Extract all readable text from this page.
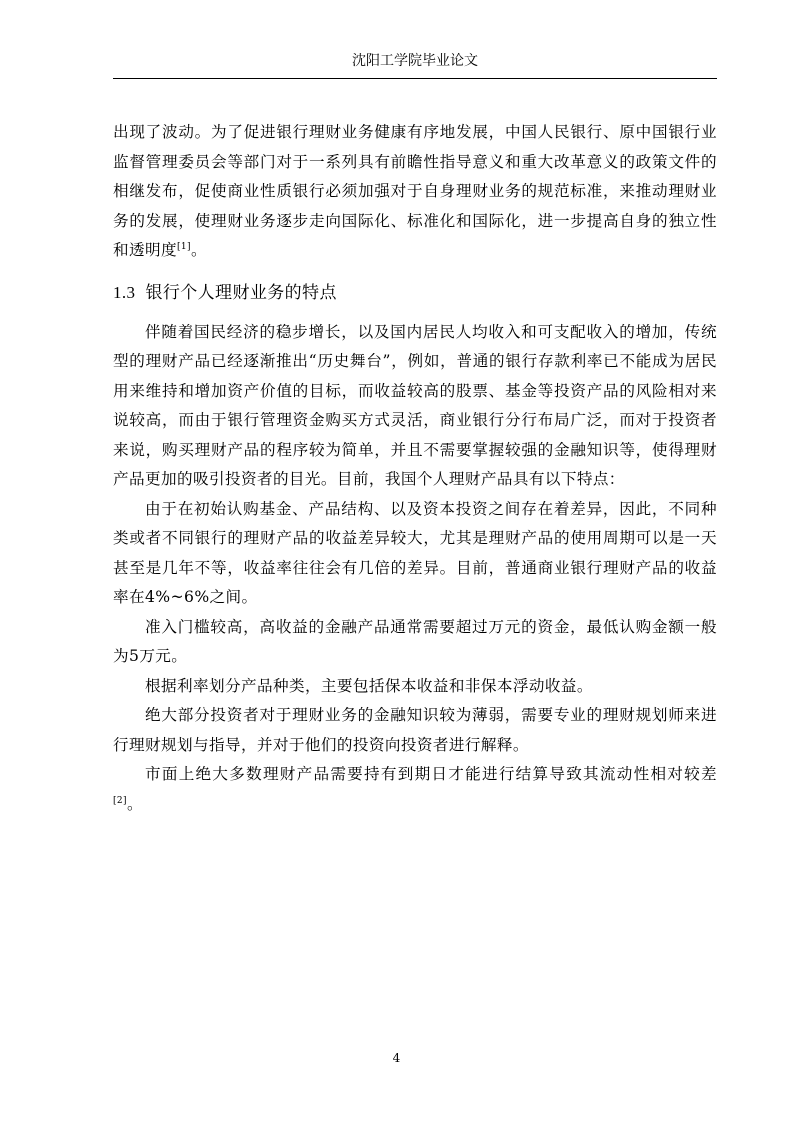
沈阳工学院毕业论文

出现了波动。为了促进银行理财业务健康有序地发展，中国人民银行、原中国银行业监督管理委员会等部门对于一系列具有前瞻性指导意义和重大改革意义的政策文件的相继发布，促使商业性质银行必须加强对于自身理财业务的规范标准，来推动理财业务的发展，使理财业务逐步走向国际化、标准化和国际化，进一步提高自身的独立性和透明度[1]。

1.3 银行个人理财业务的特点

伴随着国民经济的稳步增长，以及国内居民人均收入和可支配收入的增加，传统型的理财产品已经逐渐推出“历史舞台”，例如，普通的银行存款利率已不能成为居民用来维持和增加资产价值的目标，而收益较高的股票、基金等投资产品的风险相对来说较高，而由于银行管理资金购买方式灵活，商业银行分行布局广泛，而对于投资者来说，购买理财产品的程序较为简单，并且不需要掌握较强的金融知识等，使得理财产品更加的吸引投资者的目光。目前，我国个人理财产品具有以下特点：

由于在初始认购基金、产品结构、以及资本投资之间存在着差异，因此，不同种类或者不同银行的理财产品的收益差异较大，尤其是理财产品的使用周期可以是一天甚至是几年不等，收益率往往会有几倍的差异。目前，普通商业银行理财产品的收益率在4%~6%之间。

准入门槛较高，高收益的金融产品通常需要超过万元的资金，最低认购金额一般为5万元。

根据利率划分产品种类，主要包括保本收益和非保本浮动收益。

绝大部分投资者对于理财业务的金融知识较为薄弱，需要专业的理财规划师来进行理财规划与指导，并对于他们的投资向投资者进行解释。

市面上绝大多数理财产品需要持有到期日才能进行结算导致其流动性相对较差[2]。

4
